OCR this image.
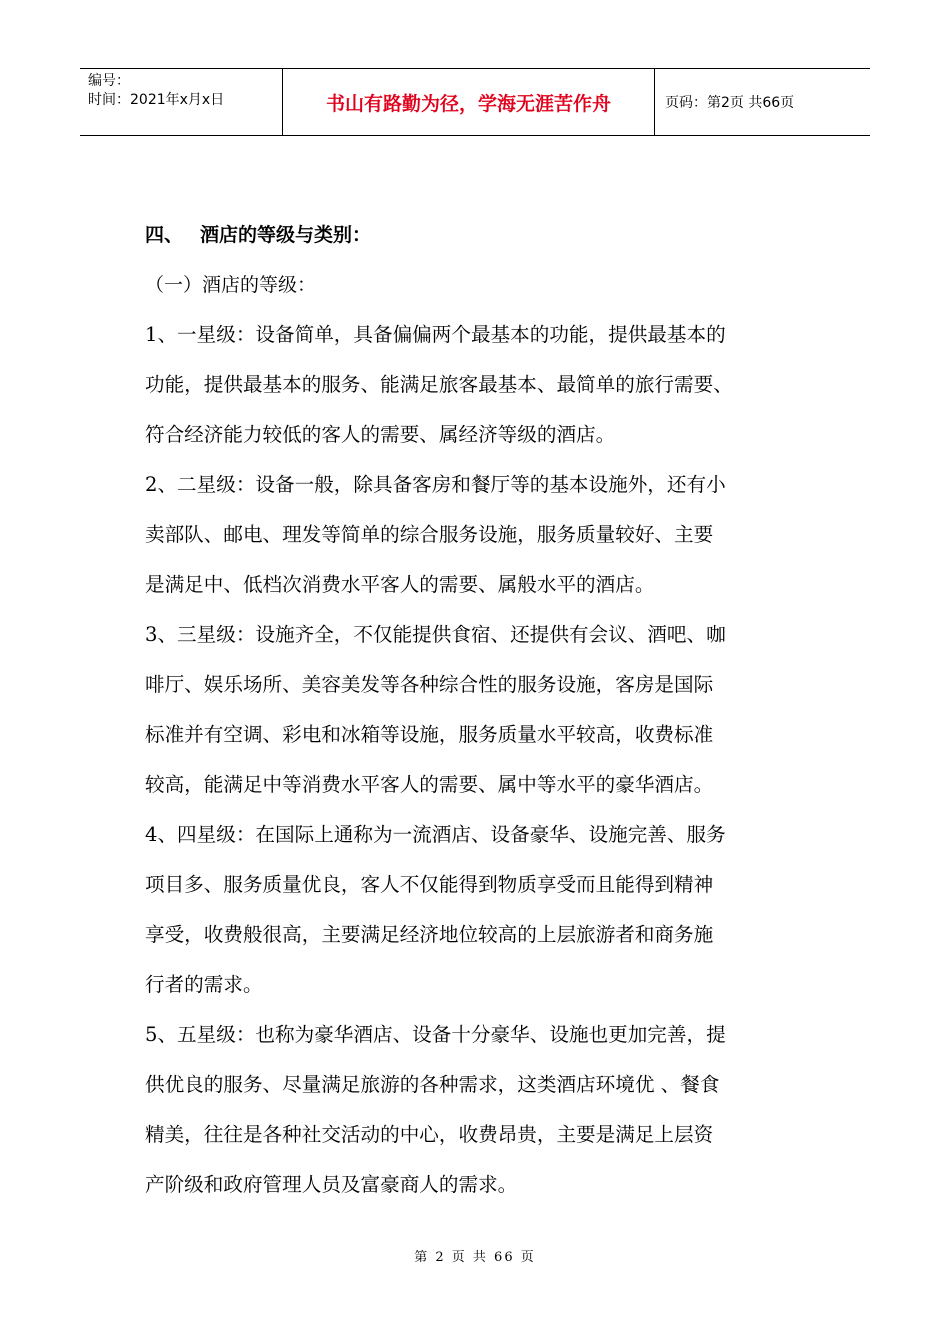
编号：
时间：2021年x月x日	书山有路勤为径，学海无涯苦作舟	页码：第2页 共66页
四、 酒店的等级与类别：
（一）酒店的等级：
1、一星级：设备简单，具备偏偏两个最基本的功能，提供最基本的
功能，提供最基本的服务、能满足旅客最基本、最简单的旅行需要、
符合经济能力较低的客人的需要、属经济等级的酒店。
2、二星级：设备一般，除具备客房和餐厅等的基本设施外，还有小
卖部队、邮电、理发等简单的综合服务设施，服务质量较好、主要
是满足中、低档次消费水平客人的需要、属般水平的酒店。
3、三星级：设施齐全，不仅能提供食宿、还提供有会议、酒吧、咖
啡厅、娱乐场所、美容美发等各种综合性的服务设施，客房是国际
标准并有空调、彩电和冰箱等设施，服务质量水平较高，收费标准
较高，能满足中等消费水平客人的需要、属中等水平的豪华酒店。
4、四星级：在国际上通称为一流酒店、设备豪华、设施完善、服务
项目多、服务质量优良，客人不仅能得到物质享受而且能得到精神
享受，收费般很高，主要满足经济地位较高的上层旅游者和商务施
行者的需求。
5、五星级：也称为豪华酒店、设备十分豪华、设施也更加完善，提
供优良的服务、尽量满足旅游的各种需求，这类酒店环境优 、餐食
精美，往往是各种社交活动的中心，收费昂贵，主要是满足上层资
产阶级和政府管理人员及富豪商人的需求。
第 2 页 共 66 页
